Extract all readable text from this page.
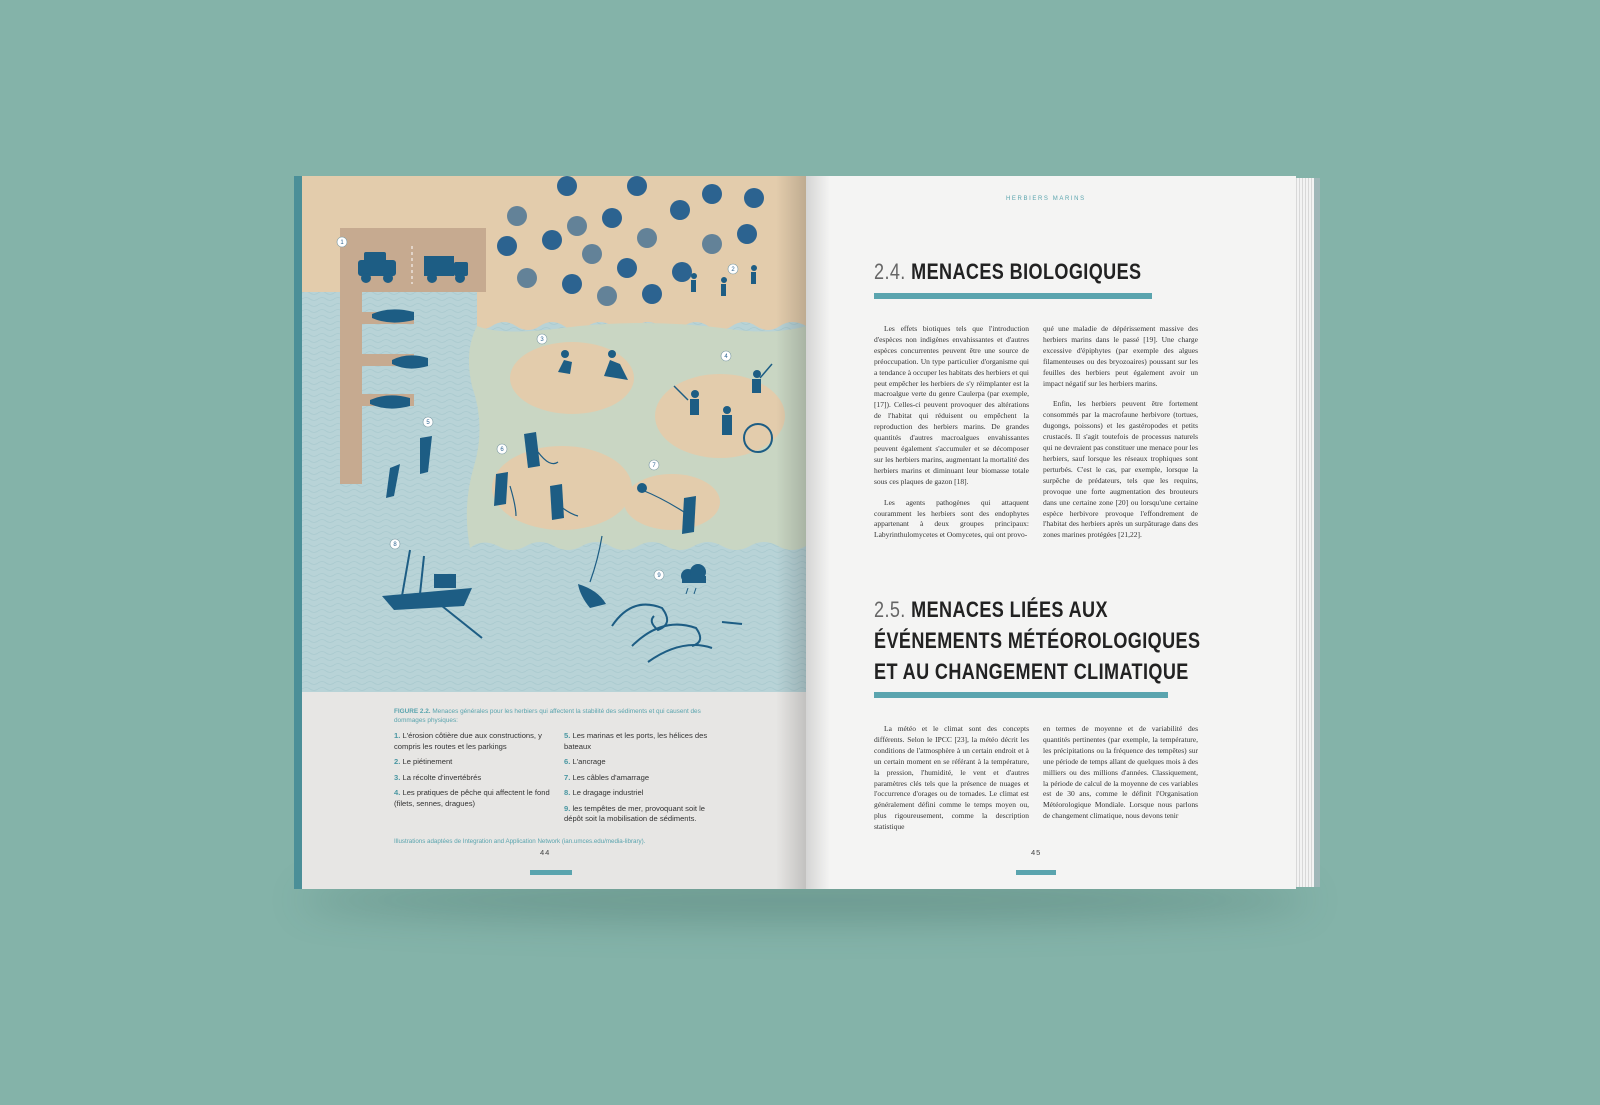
1
2
3
4
5
6
7
8
9
FIGURE 2.2. Menaces générales pour les herbiers qui affectent la stabilité des sédiments et qui causent des dommages physiques:
1. L'érosion côtière due aux constructions, y compris les routes et les parkings
2. Le piétinement
3. La récolte d'invertébrés
4. Les pratiques de pêche qui affectent le fond (filets, sennes, dragues)
5. Les marinas et les ports, les hélices des bateaux
6. L'ancrage
7. Les câbles d'amarrage
8. Le dragage industriel
9. les tempêtes de mer, provoquant soit le dépôt soit la mobilisation de sédiments.
Illustrations adaptées de Integration and Application Network (ian.umces.edu/media-library).
44
HERBIERS MARINS
2.4. MENACES BIOLOGIQUES

Les effets biotiques tels que l'introduction d'espèces non indigènes envahissantes et d'autres espèces concurrentes peuvent être une source de préoccupation. Un type particulier d'organisme qui a tendance à occuper les habitats des herbiers et qui peut empêcher les herbiers de s'y réimplanter est la macroalgue verte du genre Caulerpa (par exemple, [17]). Celles-ci peuvent provoquer des altérations de l'habitat qui réduisent ou empêchent la reproduction des herbiers marins. De grandes quantités d'autres macroalgues envahissantes peuvent également s'accumuler et se décomposer sur les herbiers marins, augmentant la mortalité des herbiers marins et diminuant leur biomasse totale sous ces plaques de gazon [18].

Les agents pathogènes qui attaquent couramment les herbiers sont des endophytes appartenant à deux groupes principaux: Labyrinthulomycetes et Oomycetes, qui ont provo-

qué une maladie de dépérissement massive des herbiers marins dans le passé [19]. Une charge excessive d'épiphytes (par exemple des algues filamenteuses ou des bryozoaires) poussant sur les feuilles des herbiers peut également avoir un impact négatif sur les herbiers marins.

Enfin, les herbiers peuvent être fortement consommés par la macrofaune herbivore (tortues, dugongs, poissons) et les gastéropodes et petits crustacés. Il s'agit toutefois de processus naturels qui ne devraient pas constituer une menace pour les herbiers, sauf lorsque les réseaux trophiques sont perturbés. C'est le cas, par exemple, lorsque la surpêche de prédateurs, tels que les requins, provoque une forte augmentation des brouteurs dans une certaine zone [20] ou lorsqu'une certaine espèce herbivore provoque l'effondrement de l'habitat des herbiers après un surpâturage dans des zones marines protégées [21,22].

2.5. MENACES LIÉES AUX
ÉVÉNEMENTS MÉTÉOROLOGIQUES
ET AU CHANGEMENT CLIMATIQUE

La météo et le climat sont des concepts différents. Selon le IPCC [23], la météo décrit les conditions de l'atmosphère à un certain endroit et à un certain moment en se référant à la température, la pression, l'humidité, le vent et d'autres paramètres clés tels que la présence de nuages et l'occurrence d'orages ou de tornades. Le climat est généralement défini comme le temps moyen ou, plus rigoureusement, comme la description statistique

en termes de moyenne et de variabilité des quantités pertinentes (par exemple, la température, les précipitations ou la fréquence des tempêtes) sur une période de temps allant de quelques mois à des milliers ou des millions d'années. Classiquement, la période de calcul de la moyenne de ces variables est de 30 ans, comme le définit l'Organisation Météorologique Mondiale. Lorsque nous parlons de changement climatique, nous devons tenir

45
